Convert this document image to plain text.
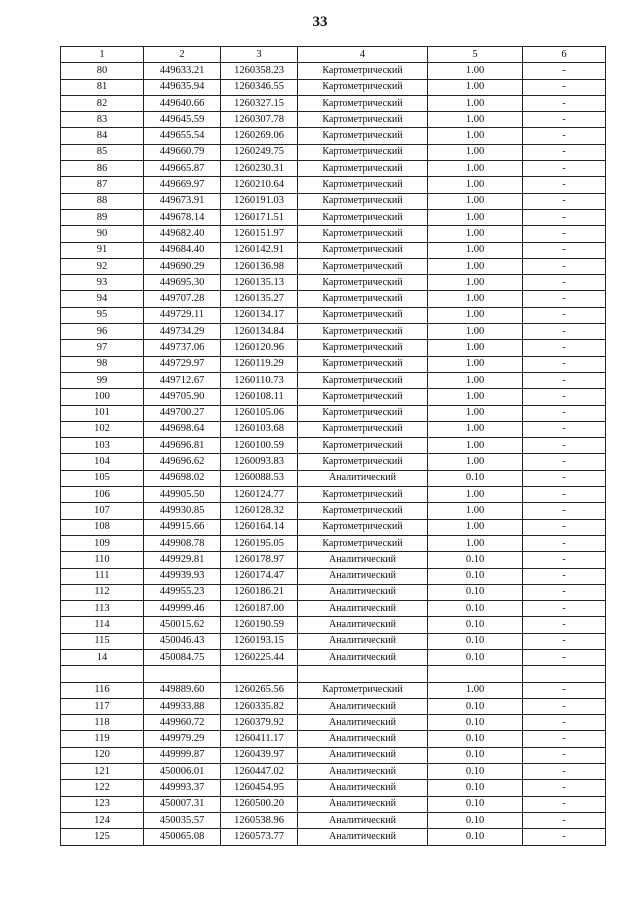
33
1	2	3	4	5	6
80	449633.21	1260358.23	Картометрический	1.00	-
81	449635.94	1260346.55	Картометрический	1.00	-
82	449640.66	1260327.15	Картометрический	1.00	-
83	449645.59	1260307.78	Картометрический	1.00	-
84	449655.54	1260269.06	Картометрический	1.00	-
85	449660.79	1260249.75	Картометрический	1.00	-
86	449665.87	1260230.31	Картометрический	1.00	-
87	449669.97	1260210.64	Картометрический	1.00	-
88	449673.91	1260191.03	Картометрический	1.00	-
89	449678.14	1260171.51	Картометрический	1.00	-
90	449682.40	1260151.97	Картометрический	1.00	-
91	449684.40	1260142.91	Картометрический	1.00	-
92	449690.29	1260136.98	Картометрический	1.00	-
93	449695.30	1260135.13	Картометрический	1.00	-
94	449707.28	1260135.27	Картометрический	1.00	-
95	449729.11	1260134.17	Картометрический	1.00	-
96	449734.29	1260134.84	Картометрический	1.00	-
97	449737.06	1260120.96	Картометрический	1.00	-
98	449729.97	1260119.29	Картометрический	1.00	-
99	449712.67	1260110.73	Картометрический	1.00	-
100	449705.90	1260108.11	Картометрический	1.00	-
101	449700.27	1260105.06	Картометрический	1.00	-
102	449698.64	1260103.68	Картометрический	1.00	-
103	449696.81	1260100.59	Картометрический	1.00	-
104	449696.62	1260093.83	Картометрический	1.00	-
105	449698.02	1260088.53	Аналитический	0.10	-
106	449905.50	1260124.77	Картометрический	1.00	-
107	449930.85	1260128.32	Картометрический	1.00	-
108	449915.66	1260164.14	Картометрический	1.00	-
109	449908.78	1260195.05	Картометрический	1.00	-
110	449929.81	1260178.97	Аналитический	0.10	-
111	449939.93	1260174.47	Аналитический	0.10	-
112	449955.23	1260186.21	Аналитический	0.10	-
113	449999.46	1260187.00	Аналитический	0.10	-
114	450015.62	1260190.59	Аналитический	0.10	-
115	450046.43	1260193.15	Аналитический	0.10	-
14	450084.75	1260225.44	Аналитический	0.10	-

116	449889.60	1260265.56	Картометрический	1.00	-
117	449933.88	1260335.82	Аналитический	0.10	-
118	449960.72	1260379.92	Аналитический	0.10	-
119	449979.29	1260411.17	Аналитический	0.10	-
120	449999.87	1260439.97	Аналитический	0.10	-
121	450006.01	1260447.02	Аналитический	0.10	-
122	449993.37	1260454.95	Аналитический	0.10	-
123	450007.31	1260500.20	Аналитический	0.10	-
124	450035.57	1260538.96	Аналитический	0.10	-
125	450065.08	1260573.77	Аналитический	0.10	-
